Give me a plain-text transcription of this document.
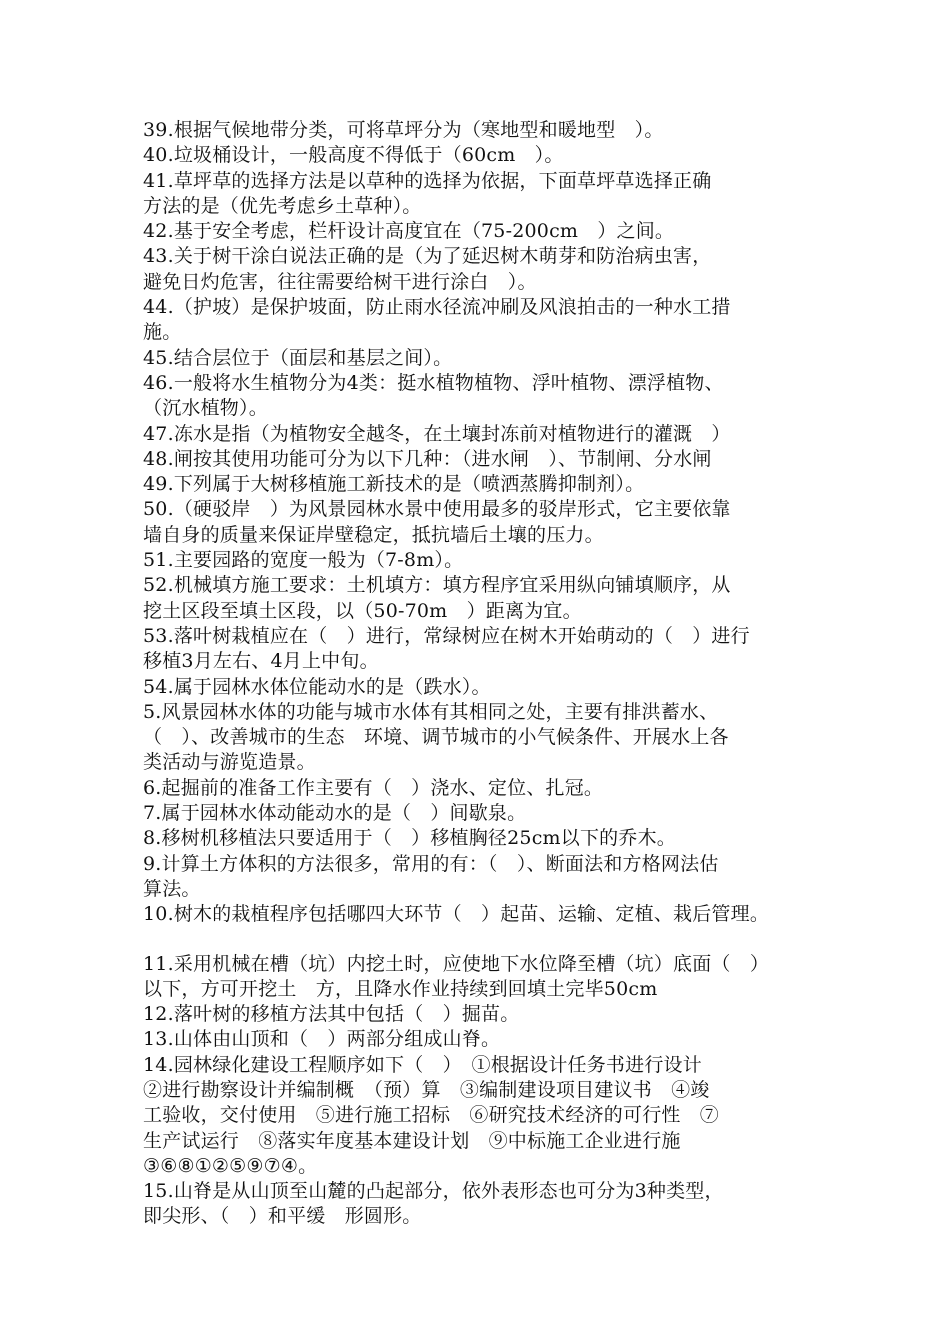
39.根据气候地带分类，可将草坪分为（寒地型和暖地型　）。
40.垃圾桶设计，一般高度不得低于（60cm　）。
41.草坪草的选择方法是以草种的选择为依据，下面草坪草选择正确
方法的是（优先考虑乡土草种）。
42.基于安全考虑，栏杆设计高度宜在（75-200cm　）之间。
43.关于树干涂白说法正确的是（为了延迟树木萌芽和防治病虫害，
避免日灼危害，往往需要给树干进行涂白　）。
44.（护坡）是保护坡面，防止雨水径流冲刷及风浪拍击的一种水工措
施。
45.结合层位于（面层和基层之间）。
46.一般将水生植物分为4类：挺水植物植物、浮叶植物、漂浮植物、
（沉水植物）。
47.冻水是指（为植物安全越冬，在土壤封冻前对植物进行的灌溉　）
48.闸按其使用功能可分为以下几种：（进水闸　）、节制闸、分水闸
49.下列属于大树移植施工新技术的是（喷洒蒸腾抑制剂）。
50.（硬驳岸　）为风景园林水景中使用最多的驳岸形式，它主要依靠
墙自身的质量来保证岸壁稳定，抵抗墙后土壤的压力。
51.主要园路的宽度一般为（7-8m）。
52.机械填方施工要求：土机填方：填方程序宜采用纵向铺填顺序，从
挖土区段至填土区段，以（50-70m　）距离为宜。
53.落叶树栽植应在（　）进行，常绿树应在树木开始萌动的（　）进行
移植3月左右、4月上中旬。
54.属于园林水体位能动水的是（跌水）。
5.风景园林水体的功能与城市水体有其相同之处，主要有排洪蓄水、
（　）、改善城市的生态　环境、调节城市的小气候条件、开展水上各
类活动与游览造景。
6.起掘前的准备工作主要有（　）浇水、定位、扎冠。
7.属于园林水体动能动水的是（　）间歇泉。
8.移树机移植法只要适用于（　）移植胸径25cm以下的乔木。
9.计算土方体积的方法很多，常用的有：（　）、断面法和方格网法估
算法。
10.树木的栽植程序包括哪四大环节（　）起苗、运输、定植、栽后管理。
11.采用机械在槽（坑）内挖土时，应使地下水位降至槽（坑）底面（　）
以下，方可开挖土　方，且降水作业持续到回填土完毕50cm
12.落叶树的移植方法其中包括（　）掘苗。
13.山体由山顶和（　）两部分组成山脊。
14.园林绿化建设工程顺序如下（　）　①根据设计任务书进行设计
②进行勘察设计并编制概　（预）算　③编制建设项目建议书　④竣
工验收，交付使用　⑤进行施工招标　⑥研究技术经济的可行性　⑦
生产试运行　⑧落实年度基本建设计划　⑨中标施工企业进行施
③⑥⑧①②⑤⑨⑦④。
15.山脊是从山顶至山麓的凸起部分，依外表形态也可分为3种类型，
即尖形、（　）和平缓　形圆形。
